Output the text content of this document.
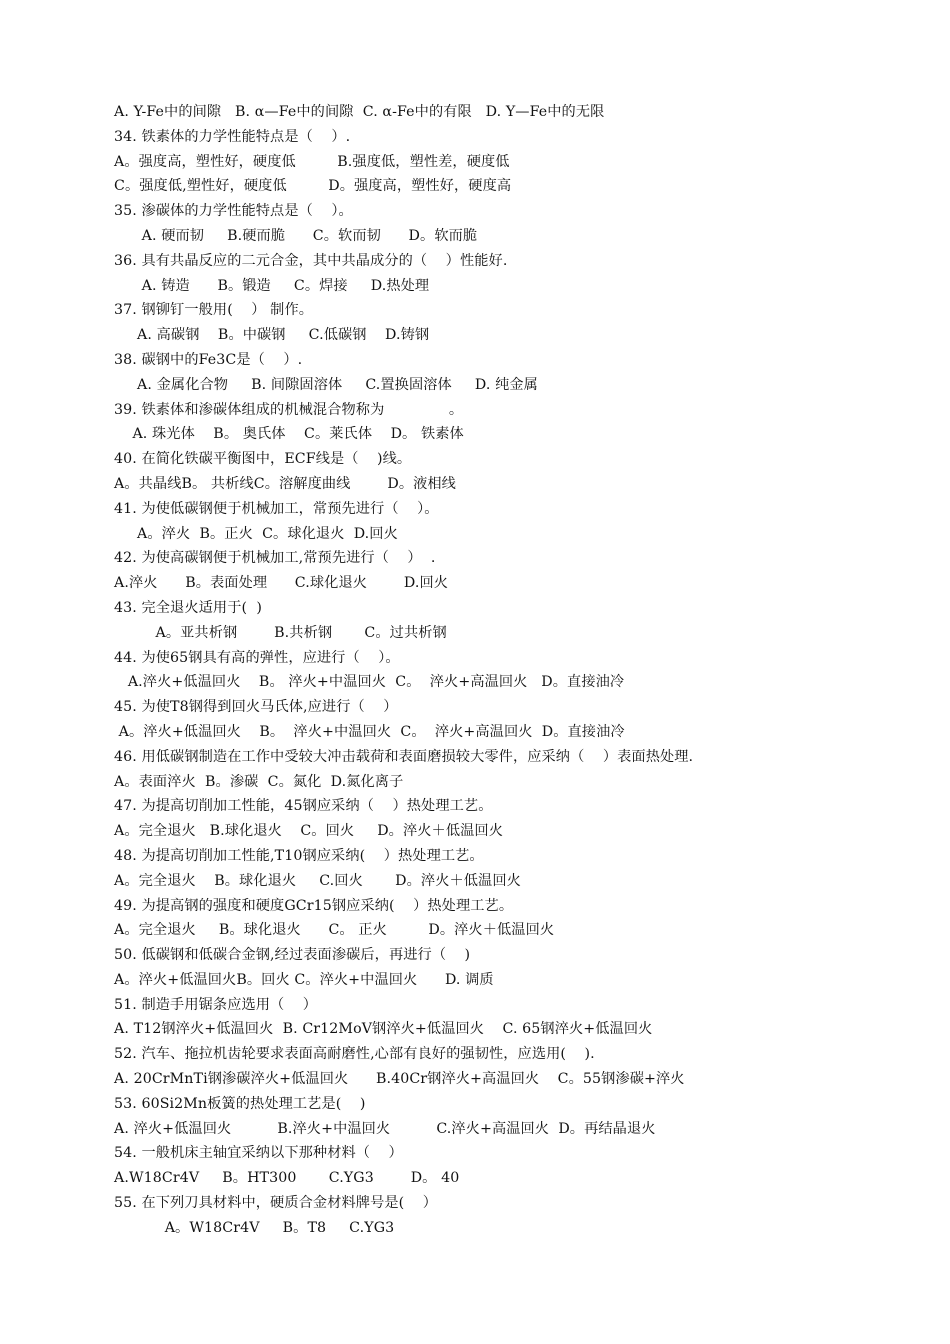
A. Y-Fe中的间隙   B. α—Fe中的间隙  C. α-Fe中的有限   D. Y—Fe中的无限
34. 铁素体的力学性能特点是（    ）.
A。强度高，塑性好，硬度低         B.强度低，塑性差，硬度低
C。强度低,塑性好，硬度低         D。强度高，塑性好，硬度高
35. 渗碳体的力学性能特点是（    ）。
A. 硬而韧     B.硬而脆      C。软而韧      D。软而脆
36. 具有共晶反应的二元合金，其中共晶成分的（    ）性能好.
A. 铸造      B。锻造     C。焊接     D.热处理
37. 钢铆钉一般用(    ） 制作。
A. 高碳钢    B。中碳钢     C.低碳钢    D.铸钢
38. 碳钢中的Fe3C是（    ）.
A. 金属化合物     B. 间隙固溶体     C.置换固溶体     D. 纯金属
39. 铁素体和渗碳体组成的机械混合物称为              。
A. 珠光体    B。 奥氏体    C。莱氏体    D。 铁素体
40. 在简化铁碳平衡图中，ECF线是（    )线。
A。共晶线B。 共析线C。溶解度曲线        D。液相线
41. 为使低碳钢便于机械加工，常预先进行（    ）。
A。淬火  B。正火  C。球化退火  D.回火
42. 为使高碳钢便于机械加工,常预先进行（    ）  .
A.淬火      B。表面处理      C.球化退火        D.回火
43. 完全退火适用于(  )
A。亚共析钢        B.共析钢       C。过共析钢
44. 为使65钢具有高的弹性，应进行（    ）。
A.淬火+低温回火    B。 淬火+中温回火  C。  淬火+高温回火   D。直接油冷
45. 为使T8钢得到回火马氏体,应进行（    ）
A。淬火+低温回火    B。  淬火+中温回火  C。  淬火+高温回火  D。直接油冷
46. 用低碳钢制造在工作中受较大冲击载荷和表面磨损较大零件，应采纳（    ）表面热处理.
A。表面淬火  B。渗碳  C。氮化  D.氮化离子
47. 为提高切削加工性能，45钢应采纳（    ）热处理工艺。
A。完全退火   B.球化退火    C。回火     D。淬火＋低温回火
48. 为提高切削加工性能,T10钢应采纳(    ）热处理工艺。
A。完全退火    B。球化退火     C.回火       D。淬火＋低温回火
49. 为提高钢的强度和硬度GCr15钢应采纳(    ）热处理工艺。
A。完全退火     B。球化退火      C。 正火         D。淬火＋低温回火
50. 低碳钢和低碳合金钢,经过表面渗碳后，再进行（    )
A。淬火+低温回火B。回火 C。淬火+中温回火      D. 调质
51. 制造手用锯条应选用（    ）
A. T12钢淬火+低温回火  B. Cr12MoV钢淬火+低温回火    C. 65钢淬火+低温回火
52. 汽车、拖拉机齿轮要求表面高耐磨性,心部有良好的强韧性，应选用(    ).
A. 20CrMnTi钢渗碳淬火+低温回火      B.40Cr钢淬火+高温回火    C。55钢渗碳+淬火
53. 60Si2Mn板簧的热处理工艺是(    )
A. 淬火+低温回火          B.淬火+中温回火          C.淬火+高温回火  D。再结晶退火
54. 一般机床主轴宜采纳以下那种材料（    ）
A.W18Cr4V     B。HT300       C.YG3        D。 40
55. 在下列刀具材料中，硬质合金材料牌号是(    ）
A。W18Cr4V     B。T8     C.YG3
